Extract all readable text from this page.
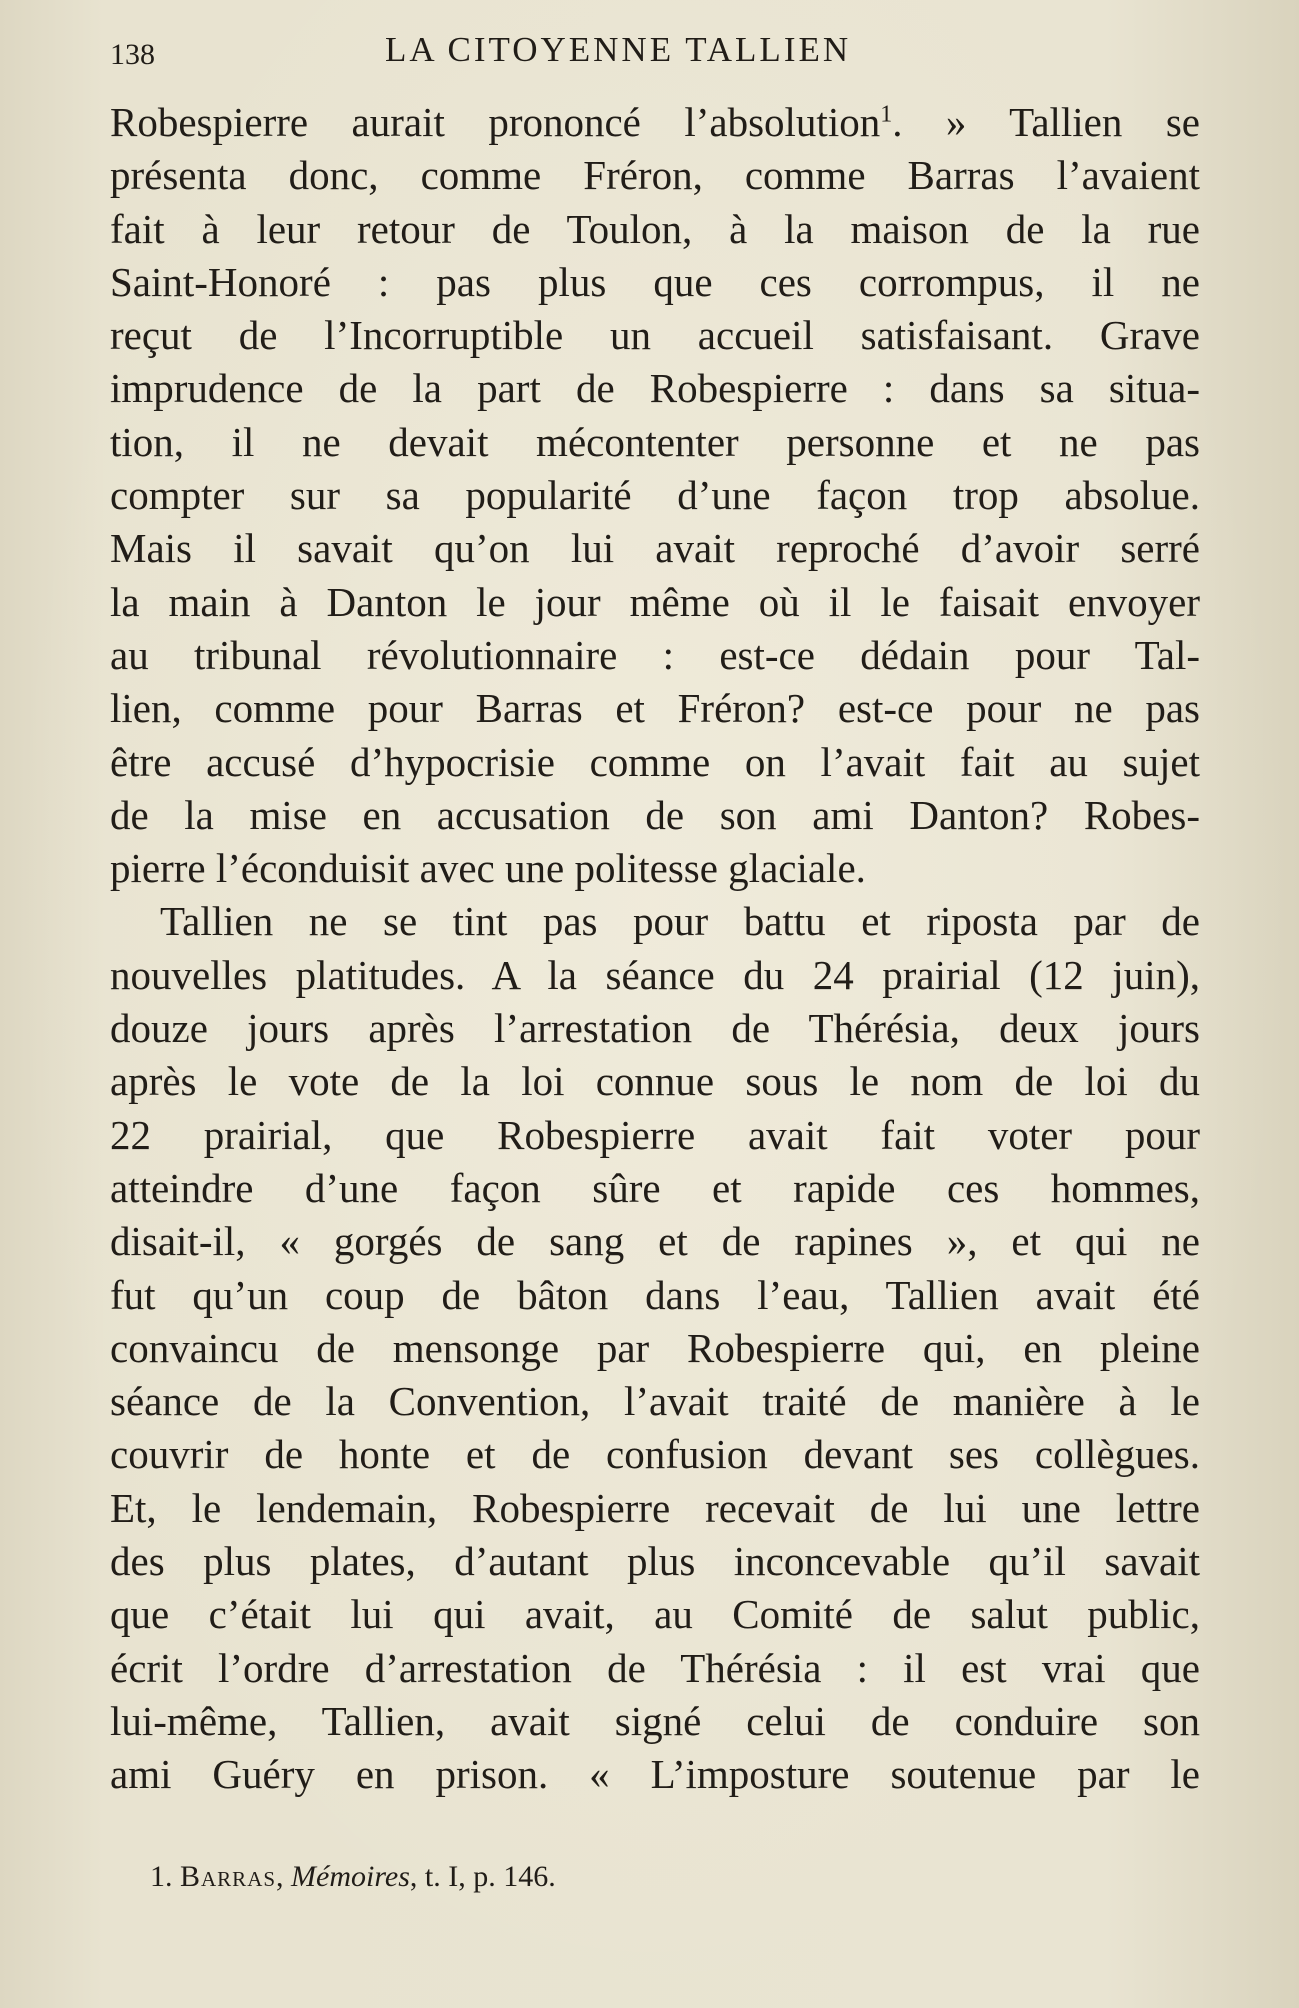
138	LA CITOYENNE TALLIEN
Robespierre aurait prononcé l’absolution$^1$. » Tallien se
présenta donc, comme Fréron, comme Barras l’avaient
fait à leur retour de Toulon, à la maison de la rue
Saint-Honoré : pas plus que ces corrompus, il ne
reçut de l’Incorruptible un accueil satisfaisant. Grave
imprudence de la part de Robespierre : dans sa situa-
tion, il ne devait mécontenter personne et ne pas
compter sur sa popularité d’une façon trop absolue.
Mais il savait qu’on lui avait reproché d’avoir serré
la main à Danton le jour même où il le faisait envoyer
au tribunal révolutionnaire : est-ce dédain pour Tal-
lien, comme pour Barras et Fréron? est-ce pour ne pas
être accusé d’hypocrisie comme on l’avait fait au sujet
de la mise en accusation de son ami Danton? Robes-
pierre l’éconduisit avec une politesse glaciale.
Tallien ne se tint pas pour battu et riposta par de
nouvelles platitudes. A la séance du 24 prairial (12 juin),
douze jours après l’arrestation de Thérésia, deux jours
après le vote de la loi connue sous le nom de loi du
22 prairial, que Robespierre avait fait voter pour
atteindre d’une façon sûre et rapide ces hommes,
disait-il, « gorgés de sang et de rapines », et qui ne
fut qu’un coup de bâton dans l’eau, Tallien avait été
convaincu de mensonge par Robespierre qui, en pleine
séance de la Convention, l’avait traité de manière à le
couvrir de honte et de confusion devant ses collègues.
Et, le lendemain, Robespierre recevait de lui une lettre
des plus plates, d’autant plus inconcevable qu’il savait
que c’était lui qui avait, au Comité de salut public,
écrit l’ordre d’arrestation de Thérésia : il est vrai que
lui-même, Tallien, avait signé celui de conduire son
ami Guéry en prison. « L’imposture soutenue par le
1. Barras, Mémoires, t. I, p. 146.
